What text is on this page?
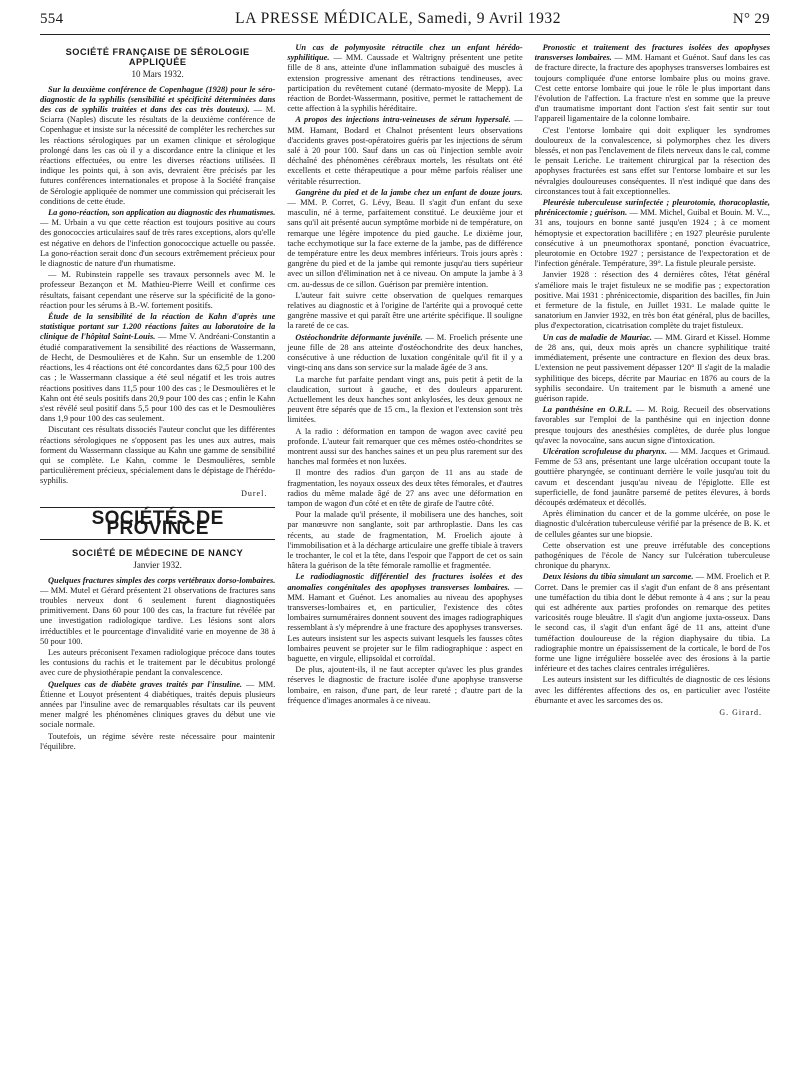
554	LA PRESSE MÉDICALE, Samedi, 9 Avril 1932	N° 29
SOCIÉTÉ FRANÇAISE DE SÉROLOGIE APPLIQUÉE
10 Mars 1932.

Sur la deuxième conférence de Copenhague (1928) pour le séro-diagnostic de la syphilis (sensibilité et spécificité déterminées dans des cas de syphilis traitées et dans des cas très douteux). — M. Sciarra (Naples) discute les résultats de la deuxième conférence de Copenhague et insiste sur la nécessité de compléter les recherches sur les réactions sérologiques par un examen clinique et sérologique prolongé dans les cas où il y a discordance entre la clinique et les réactions effectuées, ou entre les diverses réactions utilisées. Il indique les points qui, à son avis, devraient être précisés par les futures conférences internationales et propose à la Société française de Sérologie appliquée de nommer une commission qui préciserait les conditions de cette étude.

La gono-réaction, son application au diagnostic des rhumatismes. — M. Urbain a vu que cette réaction est toujours positive au cours des gonococcies articulaires sauf de très rares exceptions, alors qu'elle est négative en dehors de l'infection gonococcique actuelle ou passée. La gono-réaction serait donc d'un secours extrêmement précieux pour le diagnostic de nature d'un rhumatisme.

— M. Rubinstein rappelle ses travaux personnels avec M. le professeur Bezançon et M. Mathieu-Pierre Weill et confirme ces résultats, faisant cependant une réserve sur la spécificité de la gono-réaction pour les sérums à B.-W. fortement positifs.

Étude de la sensibilité de la réaction de Kahn d'après une statistique portant sur 1.200 réactions faites au laboratoire de la clinique de l'hôpital Saint-Louis. — Mme V. Andréani-Constantin a étudié comparativement la sensibilité des réactions de Wassermann, de Hecht, de Desmoulières et de Kahn. Sur un ensemble de 1.200 réactions, les 4 réactions ont été concordantes dans 62,5 pour 100 des cas ; le Wassermann classique a été seul négatif et les trois autres réactions positives dans 11,5 pour 100 des cas ; le Desmoulières et le Kahn ont été seuls positifs dans 20,9 pour 100 des cas ; enfin le Kahn s'est révélé seul positif dans 5,5 pour 100 des cas et le Desmoulières dans 1,9 pour 100 des cas seulement.

Discutant ces résultats dissociés l'auteur conclut que les différentes réactions sérologiques ne s'opposent pas les unes aux autres, mais forment du Wassermann classique au Kahn une gamme de sensibilité qui se complète. Le Kahn, comme le Desmoulières, semble particulièrement précieux, spécialement dans le dépistage de l'hérédo-syphilis.

Durel.
SOCIÉTÉS DE PROVINCE
SOCIÉTÉ DE MÉDECINE DE NANCY
Janvier 1932.

Quelques fractures simples des corps vertébraux dorso-lombaires. — MM. Mutel et Gérard présentent 21 observations de fractures sans troubles nerveux dont 6 seulement furent diagnostiquées primitivement. Dans 60 pour 100 des cas, la fracture fut révélée par une investigation radiologique tardive. Les lésions sont alors irréductibles et le pourcentage d'invalidité varie en moyenne de 38 à 50 pour 100.

Les auteurs préconisent l'examen radiologique précoce dans toutes les contusions du rachis et le traitement par le décubitus prolongé avec cure de physiothérapie pendant la convalescence.

Quelques cas de diabète graves traités par l'insuline. — MM. Étienne et Louyot présentent 4 diabétiques, traités depuis plusieurs années par l'insuline avec de remarquables résultats car ils peuvent mener malgré les phénomènes cliniques graves du début une vie sociale normale.

Toutefois, un régime sévère reste nécessaire pour maintenir l'équilibre.

Un cas de polymyosite rétractile chez un enfant hérédo-syphilitique. — MM. Caussade et Waltrigny présentent une petite fille de 8 ans, atteinte d'une inflammation subaiguë des muscles à extension progressive amenant des rétractions tendineuses, avec participation du revêtement cutané (dermato-myosite de Mepp). La réaction de Bordet-Wassermann, positive, permet le rattachement de cette affection à la syphilis héréditaire.

A propos des injections intra-veineuses de sérum hypersalé. — MM. Hamant, Bodard et Chalnot présentent leurs observations d'accidents graves post-opératoires guéris par les injections de sérum salé à 20 pour 100. Sauf dans un cas où l'injection semble avoir déchaîné des phénomènes cérébraux mortels, les résultats ont été excellents et cette thérapeutique a pour même parfois réaliser une véritable résurrection.

Gangrène du pied et de la jambe chez un enfant de douze jours. — MM. P. Corret, G. Lévy, Beau. Il s'agit d'un enfant du sexe masculin, né à terme, parfaitement constitué. Le deuxième jour et sans qu'il ait présenté aucun symptôme morbide ni de température, on remarque une légère impotence du pied gauche. Le dixième jour, tache ecchymotique sur la face externe de la jambe, pas de différence de température entre les deux membres inférieurs. Trois jours après : gangrène du pied et de la jambe qui remonte jusqu'au tiers supérieur avec un sillon d'élimination net à ce niveau. On ampute la jambe à 3 cm. au-dessus de ce sillon. Guérison par première intention.

L'auteur fait suivre cette observation de quelques remarques relatives au diagnostic et à l'origine de l'artérite qui a provoqué cette gangrène massive et qui paraît être une artérite spécifique. Il souligne la rareté de ce cas.

Ostéochondrite déformante juvénile. — M. Froelich présente une jeune fille de 28 ans atteinte d'ostéochondrite des deux hanches, consécutive à une réduction de luxation congénitale qu'il fit il y a vingt-cinq ans dans son service sur la malade âgée de 3 ans.

La marche fut parfaite pendant vingt ans, puis petit à petit de la claudication, surtout à gauche, et des douleurs apparurent. Actuellement les deux hanches sont ankylosées, les deux genoux ne peuvent être séparés que de 15 cm., la flexion et l'extension sont très limitées.

A la radio : déformation en tampon de wagon avec cavité peu profonde. L'auteur fait remarquer que ces mêmes ostéo-chondrites se montrent aussi sur des hanches saines et un peu plus rarement sur des hanches mal formées et non luxées.

Il montre des radios d'un garçon de 11 ans au stade de fragmentation, les noyaux osseux des deux têtes fémorales, et d'autres radios du même malade âgé de 27 ans avec une déformation en tampon de wagon d'un côté et en tête de girafe de l'autre côté.

Pour la malade qu'il présente, il mobilisera une des hanches, soit par manœuvre non sanglante, soit par arthroplastie. Dans les cas récents, au stade de fragmentation, M. Froelich ajoute à l'immobilisation et à la décharge articulaire une greffe tibiale à travers le trochanter, le col et la tête, dans l'espoir que l'apport de cet os sain hâtera la guérison de la tête fémorale ramollie et fragmentée.

Le radiodiagnostic différentiel des fractures isolées et des anomalies congénitales des apophyses transverses lombaires. — MM. Hamant et Guénot. Les anomalies au niveau des apophyses transverses-lombaires et, en particulier, l'existence des côtes lombaires surnuméraires donnent souvent des images radiographiques ressemblant à s'y méprendre à une fracture des apophyses transverses. Les auteurs insistent sur les aspects suivant lesquels les fausses côtes lombaires peuvent se projeter sur le film radiographique : aspect en baguette, en virgule, ellipsoïdal et corroïdal.

De plus, ajoutent-ils, il ne faut accepter qu'avec les plus grandes réserves le diagnostic de fracture isolée d'une apophyse transverse lombaire, en raison, d'une part, de leur rareté ; d'autre part de la fréquence d'images anormales à ce niveau.

Pronostic et traitement des fractures isolées des apophyses transverses lombaires. — MM. Hamant et Guénot. Sauf dans les cas de fracture directe, la fracture des apophyses transverses lombaires est toujours compliquée d'une entorse lombaire plus ou moins grave. C'est cette entorse lombaire qui joue le rôle le plus important dans l'évolution de l'affection. La fracture n'est en somme que la preuve d'un traumatisme important dont l'action s'est fait sentir sur tout l'appareil ligamentaire de la colonne lombaire.

C'est l'entorse lombaire qui doit expliquer les syndromes douloureux de la convalescence, si polymorphes chez les divers blessés, et non pas l'enclavement de filets nerveux dans le cal, comme le pensait Leriche. Le traitement chirurgical par la résection des apophyses fracturées est sans effet sur l'entorse lombaire et sur les névralgies douloureuses conséquentes. Il n'est indiqué que dans des circonstances tout à fait exceptionnelles.

Pleurésie tuberculeuse surinfectée ; pleurotomie, thoracoplastie, phrénicectomie ; guérison. — MM. Michel, Guibal et Bouin. M. V..., 31 ans, toujours en bonne santé jusqu'en 1924 ; à ce moment hémoptysie et expectoration bacillifère ; en 1927 pleurésie purulente consécutive à un pneumothorax spontané, ponction évacuatrice, pleurotomie en Octobre 1927 ; persistance de l'expectoration et de l'infection générale. Température, 39°. La fistule pleurale persiste.

Janvier 1928 : résection des 4 dernières côtes, l'état général s'améliore mais le trajet fistuleux ne se modifie pas ; expectoration positive. Mai 1931 : phrénicectomie, disparition des bacilles, fin Juin et fermeture de la fistule, en Juillet 1931. Le malade quitte le sanatorium en Janvier 1932, en très bon état général, plus de bacilles, plus d'expectoration, cicatrisation complète du trajet fistuleux.

Un cas de maladie de Mauriac. — MM. Girard et Kissel. Homme de 28 ans, qui, deux mois après un chancre syphilitique traité immédiatement, présente une contracture en flexion des deux bras. L'extension ne peut passivement dépasser 120° Il s'agit de la maladie syphilitique des biceps, décrite par Mauriac en 1876 au cours de la syphilis secondaire. Un traitement par le bismuth a amené une guérison rapide.

La panthésine en O.R.L. — M. Roig. Recueil des observations favorables sur l'emploi de la panthésine qui en injection donne presque toujours des anesthésies complètes, de durée plus longue qu'avec la novocaïne, sans aucun signe d'intoxication.

Ulcération scrofuleuse du pharynx. — MM. Jacques et Grimaud. Femme de 53 ans, présentant une large ulcération occupant toute la gouttière pharyngée, se continuant derrière le voile jusqu'au toit du cavum et descendant jusqu'au niveau de l'épiglotte. Elle est superficielle, de fond jaunâtre parsemé de petites élevures, à bords découpés œdémateux et décollés.

Après élimination du cancer et de la gomme ulcérée, on pose le diagnostic d'ulcération tuberculeuse vérifié par la présence de B. K. et de cellules géantes sur une biopsie.

Cette observation est une preuve irréfutable des conceptions pathogéniques de l'école de Nancy sur l'ulcération tuberculeuse chronique du pharynx.

Deux lésions du tibia simulant un sarcome. — MM. Froelich et P. Corret. Dans le premier cas il s'agit d'un enfant de 8 ans présentant une tuméfaction du tibia dont le début remonte à 4 ans ; sur la peau qui est adhérente aux parties profondes on remarque des petites varicosités rouge bleuâtre. Il s'agit d'un angiome juxta-osseux. Dans le second cas, il s'agit d'un enfant âgé de 11 ans, atteint d'une tuméfaction douloureuse de la région diaphysaire du tibia. La radiographie montre un épaississement de la corticale, le bord de l'os forme une ligne irrégulière bosselée avec des érosions à la partie inférieure et des taches claires centrales irrégulières.

Les auteurs insistent sur les difficultés de diagnostic de ces lésions avec les différentes affections des os, en particulier avec l'ostéite éburnante et avec les sarcomes des os.

G. Girard.
